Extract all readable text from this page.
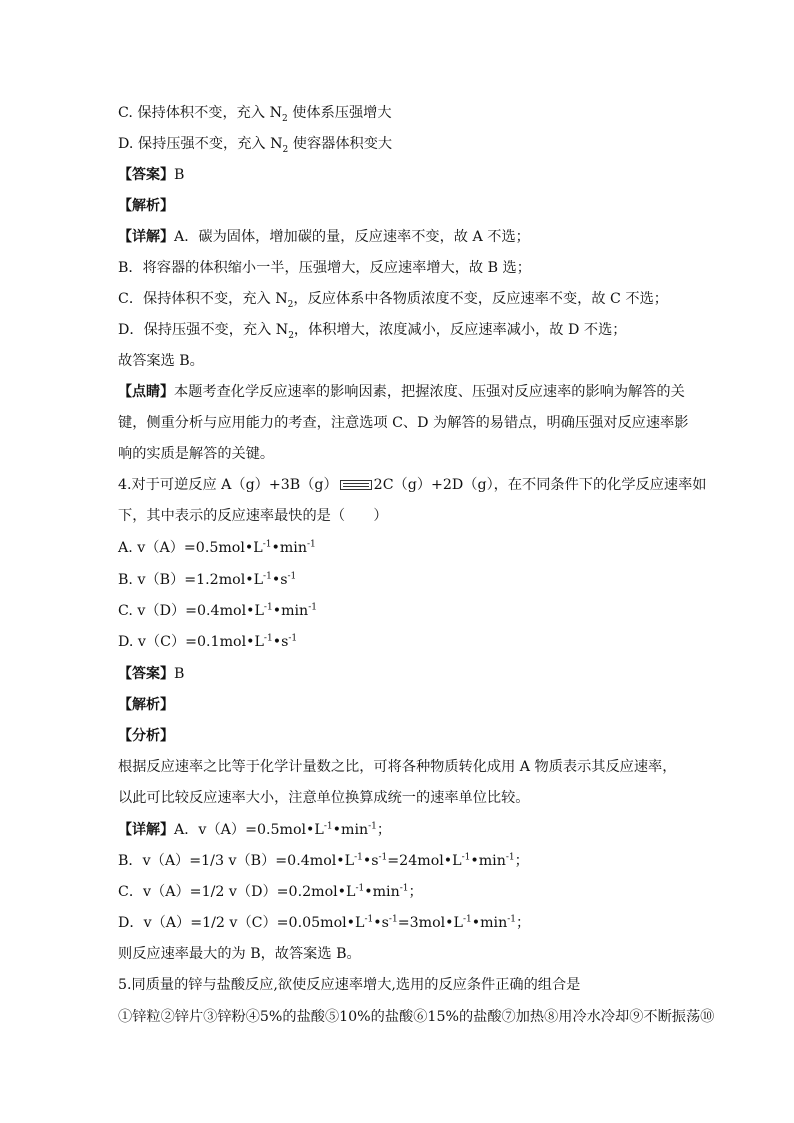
C. 保持体积不变，充入 $N_2$ 使体系压强增大
D. 保持压强不变，充入 $N_2$ 使容器体积变大
【答案】B
【解析】
【详解】A．碳为固体，增加碳的量，反应速率不变，故 A 不选；
B．将容器的体积缩小一半，压强增大，反应速率增大，故 B 选；
C．保持体积不变，充入 $N_2$，反应体系中各物质浓度不变，反应速率不变，故 C 不选；
D．保持压强不变，充入 $N_2$，体积增大，浓度减小，反应速率减小，故 D 不选；
故答案选 B。
【点睛】本题考查化学反应速率的影响因素，把握浓度、压强对反应速率的影响为解答的关
键，侧重分析与应用能力的考查，注意选项 C、D 为解答的易错点，明确压强对反应速率影
响的实质是解答的关键。
4.对于可逆反应 A（g）+3B（g）	2C（g）+2D（g），在不同条件下的化学反应速率如
下，其中表示的反应速率最快的是（　　）
A. $v(A)=0.5mol•L^{-1}•\min^{-1}$
B. $v(B)=1.2mol•L^{-1}•s^{-1}$
C. $v(D)=0.4mol•L^{-1}•\min^{-1}$
D. $v(C)=0.1mol•L^{-1}•s^{-1}$
【答案】B
【解析】
【分析】
根据反应速率之比等于化学计量数之比，可将各种物质转化成用 A 物质表示其反应速率，
以此可比较反应速率大小，注意单位换算成统一的速率单位比较。
【详解】A．$v(A)=0.5mol•L^{-1}•\min^{-1}$；
B．v（A）=1/3 $v(B)=0.4mol•L^{-1}•s^{-1}=24mol•L^{-1}•\min^{-1}$；
C．v（A）=1/2 $v(D)=0.2mol•L^{-1}•\min^{-1}$；
D．v（A）=1/2 $v(C)=0.05mol•L^{-1}•s^{-1}=3mol•L^{-1}•\min^{-1}$；
则反应速率最大的为 B，故答案选 B。
5.同质量的锌与盐酸反应,欲使反应速率增大,选用的反应条件正确的组合是
①锌粒②锌片③锌粉④5%的盐酸⑤10%的盐酸⑥15%的盐酸⑦加热⑧用冷水冷却⑨不断振荡⑩
